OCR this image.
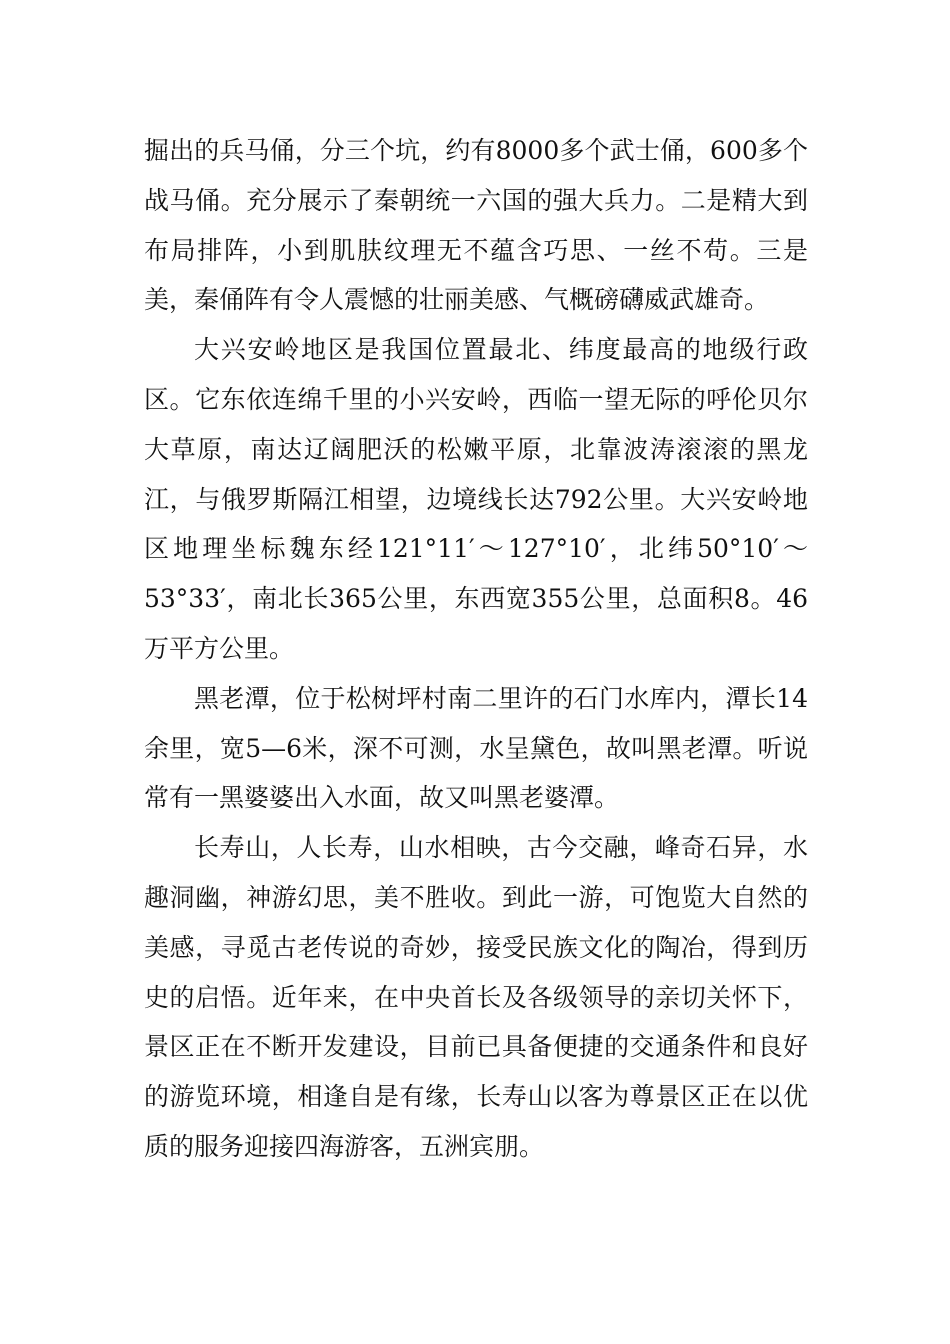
掘出的兵马俑，分三个坑，约有8000多个武士俑，600多个战马俑。充分展示了秦朝统一六国的强大兵力。二是精大到布局排阵，小到肌肤纹理无不蕴含巧思、一丝不苟。三是美，秦俑阵有令人震憾的壮丽美感、气概磅礴威武雄奇。

大兴安岭地区是我国位置最北、纬度最高的地级行政区。它东依连绵千里的小兴安岭，西临一望无际的呼伦贝尔大草原，南达辽阔肥沃的松嫩平原，北靠波涛滚滚的黑龙江，与俄罗斯隔江相望，边境线长达792公里。大兴安岭地区地理坐标魏东经121°11′～127°10′，北纬50°10′～53°33′，南北长365公里，东西宽355公里，总面积8。46万平方公里。

黑老潭，位于松树坪村南二里许的石门水库内，潭长14余里，宽5—6米，深不可测，水呈黛色，故叫黑老潭。听说常有一黑婆婆出入水面，故又叫黑老婆潭。

长寿山，人长寿，山水相映，古今交融，峰奇石异，水趣洞幽，神游幻思，美不胜收。到此一游，可饱览大自然的美感，寻觅古老传说的奇妙，接受民族文化的陶冶，得到历史的启悟。近年来，在中央首长及各级领导的亲切关怀下，景区正在不断开发建设，目前已具备便捷的交通条件和良好的游览环境，相逢自是有缘，长寿山以客为尊景区正在以优质的服务迎接四海游客，五洲宾朋。
